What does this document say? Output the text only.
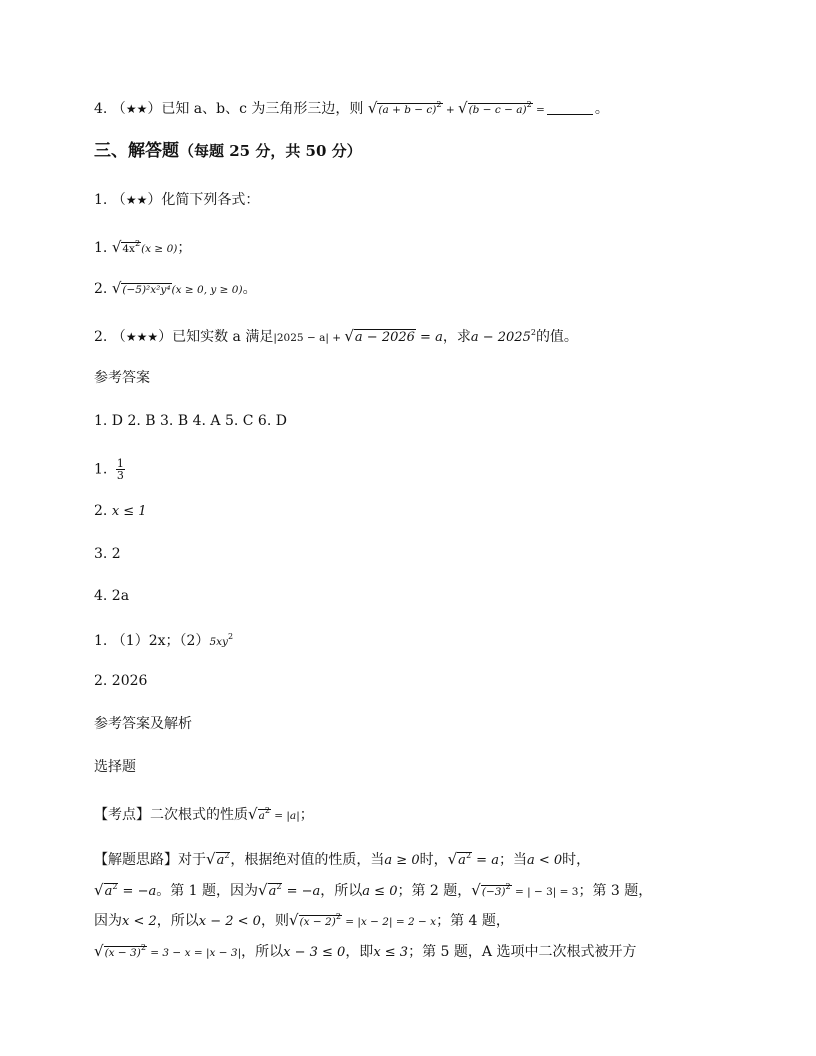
4. （★★）已知 a、b、c 为三角形三边，则 $√(a + b - c)^2 + √(b - c - a)^2$ =	。
三、解答题（每题 25 分，共 50 分）
1. （★★）化简下列各式：
1. $√4x^2(x \ge 0)$；
2. √(−5)²x²y⁴(x ≥ 0, y ≥ 0)。
2. （★★★）已知实数 a 满足|2025 − a| + √a − 2026 = a，求$a - 2025^2$的值。
参考答案
1. D 2. B 3. B 4. A 5. C 6. D
1. $\frac{1}{3}$
2. x ≤ 1
3. 2
4. 2a
1. （1）2x；$(2)5xy^2$
2. 2026
参考答案及解析
选择题
【考点】二次根式的性质$√a^2 = |a|$；
【解题思路】对于$√a^2$，根据绝对值的性质，当a ≥ 0时，$√a^2 = a$；当a < 0时，
$√a^2 = -a$。第 1 题，因为$√a^2 = -a$，所以a ≤ 0；第 2 题，$√(-3)^2$ = | − 3| = 3；第 3 题，
因为x < 2，所以x − 2 < 0，则$√(x - 2)^2 = |x - 2| = 2 - x$；第 4 题，
$√(x - 3)^2 = 3 - x = |x - 3|$，所以x − 3 ≤ 0，即x ≤ 3；第 5 题，A 选项中二次根式被开方
